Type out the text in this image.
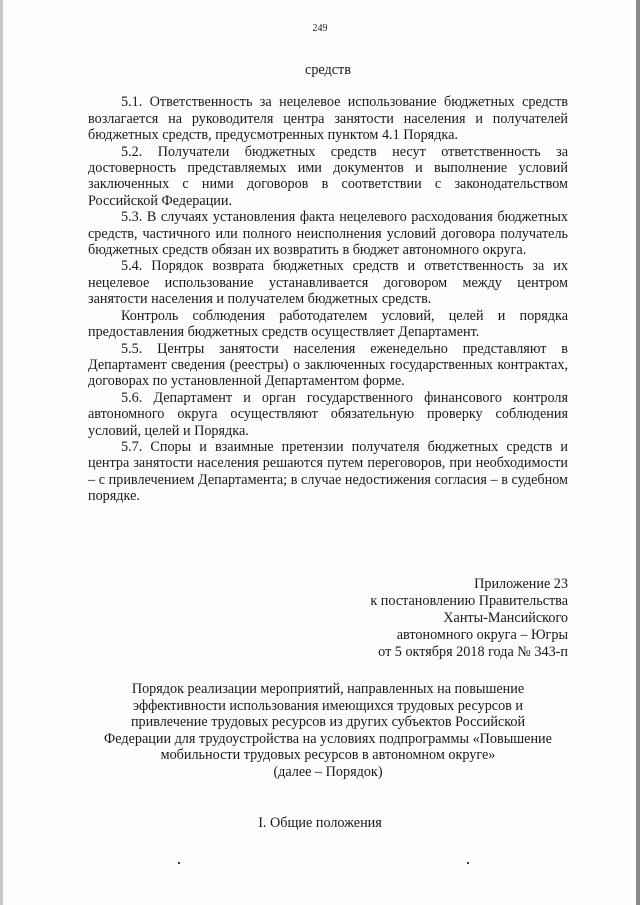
249
средств

5.1. Ответственность за нецелевое использование бюджетных средств возлагается на руководителя центра занятости населения и получателей бюджетных средств, предусмотренных пунктом 4.1 Порядка.

5.2. Получатели бюджетных средств несут ответственность за достоверность представляемых ими документов и выполнение условий заключенных с ними договоров в соответствии с законодательством Российской Федерации.

5.3. В случаях установления факта нецелевого расходования бюджетных средств, частичного или полного неисполнения условий договора получатель бюджетных средств обязан их возвратить в бюджет автономного округа.

5.4. Порядок возврата бюджетных средств и ответственность за их нецелевое использование устанавливается договором между центром занятости населения и получателем бюджетных средств.

Контроль соблюдения работодателем условий, целей и порядка предоставления бюджетных средств осуществляет Департамент.

5.5. Центры занятости населения еженедельно представляют в Департамент сведения (реестры) о заключенных государственных контрактах, договорах по установленной Департаментом форме.

5.6. Департамент и орган государственного финансового контроля автономного округа осуществляют обязательную проверку соблюдения условий, целей и Порядка.

5.7. Споры и взаимные претензии получателя бюджетных средств и центра занятости населения решаются путем переговоров, при необходимости – с привлечением Департамента; в случае недостижения согласия – в судебном порядке.

Приложение 23
к постановлению Правительства
Ханты-Мансийского
автономного округа – Югры
от 5 октября 2018 года № 343-п
Порядок реализации мероприятий, направленных на повышение
эффективности использования имеющихся трудовых ресурсов и
привлечение трудовых ресурсов из других субъектов Российской
Федерации для трудоустройства на условиях подпрограммы «Повышение
мобильности трудовых ресурсов в автономном округе»
(далее – Порядок)
I. Общие положения
